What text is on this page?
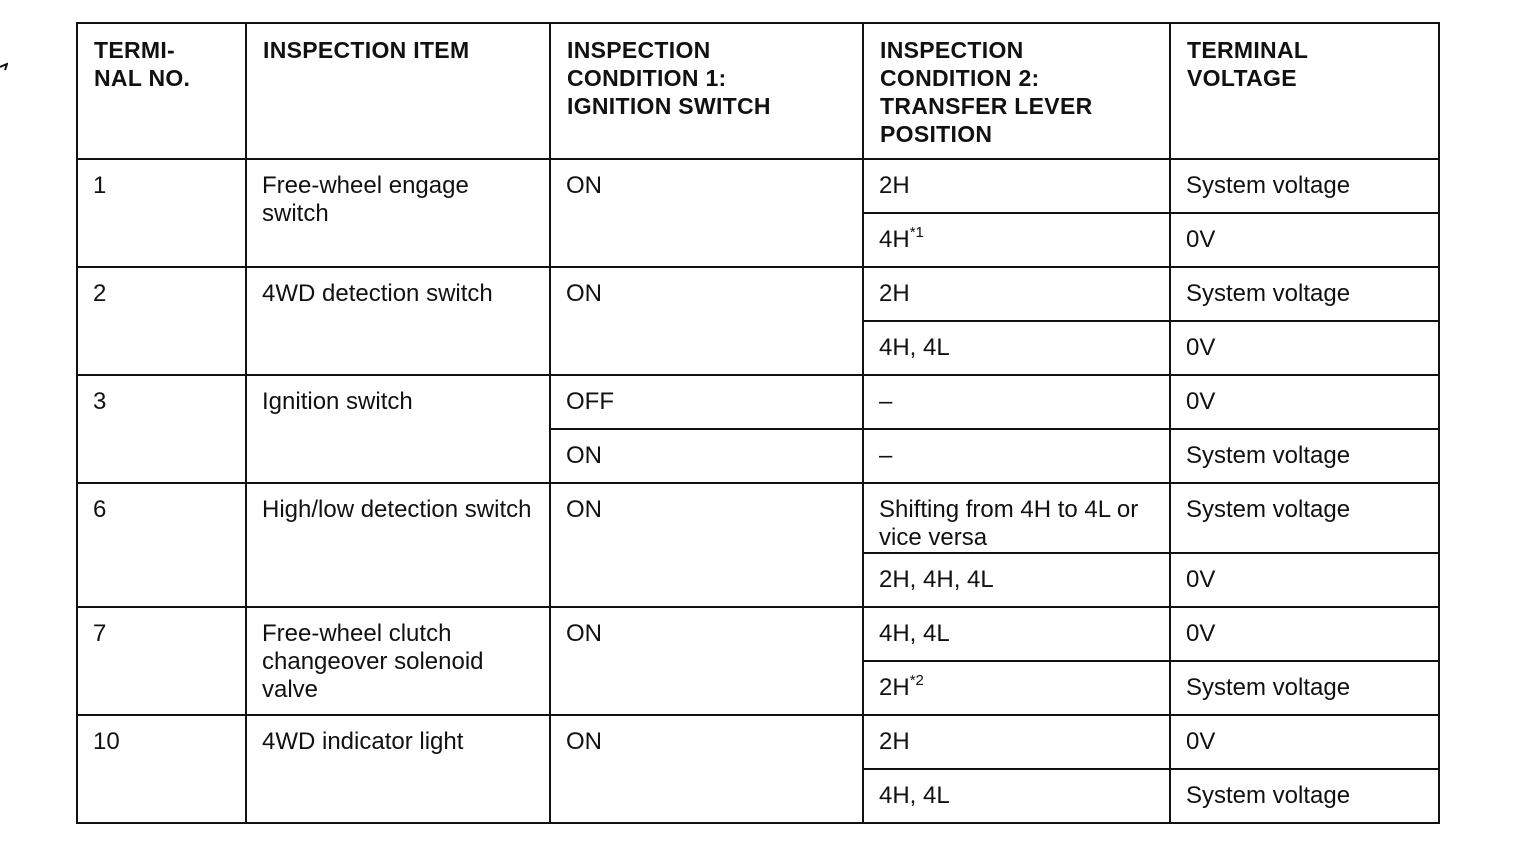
TERMI-
NAL NO.	INSPECTION ITEM	INSPECTION
CONDITION 1:
IGNITION SWITCH	INSPECTION
CONDITION 2:
TRANSFER LEVER
POSITION	TERMINAL
VOLTAGE
1	Free-wheel engage switch	ON	2H	System voltage
			$4H^{*1}$	0V
2	4WD detection switch	ON	2H	System voltage
			4H, 4L	0V
3	Ignition switch	OFF	–	0V
		ON	–	System voltage
6	High/low detection switch	ON	Shifting from 4H to 4L or vice versa	System voltage
			2H, 4H, 4L	0V
7	Free-wheel clutch changeover solenoid valve	ON	4H, 4L	0V
			$2H^{*2}$	System voltage
10	4WD indicator light	ON	2H	0V
			4H, 4L	System voltage
